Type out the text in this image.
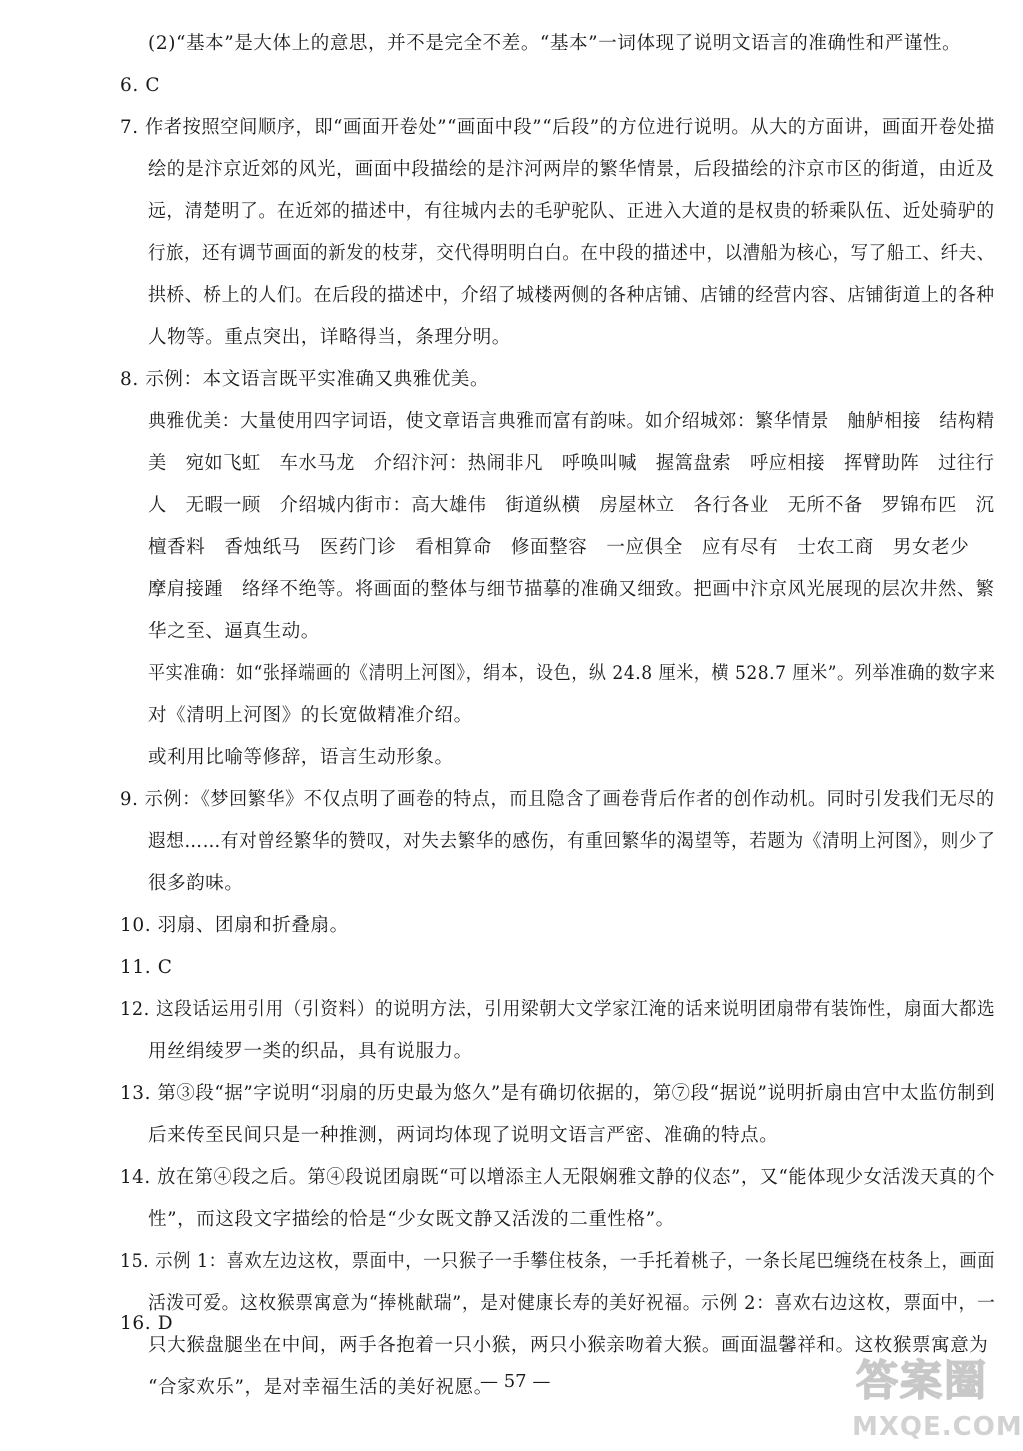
(2)“基本”是大体上的意思，并不是完全不差。“基本”一词体现了说明文语言的准确性和严谨性。
6. C
7. 作者按照空间顺序，即“画面开卷处”“画面中段”“后段”的方位进行说明。从大的方面讲，画面开卷处描
绘的是汴京近郊的风光，画面中段描绘的是汴河两岸的繁华情景，后段描绘的汴京市区的街道，由近及
远，清楚明了。在近郊的描述中，有往城内去的毛驴驼队、正进入大道的是权贵的轿乘队伍、近处骑驴的
行旅，还有调节画面的新发的枝芽，交代得明明白白。在中段的描述中，以漕船为核心，写了船工、纤夫、
拱桥、桥上的人们。在后段的描述中，介绍了城楼两侧的各种店铺、店铺的经营内容、店铺街道上的各种
人物等。重点突出，详略得当，条理分明。
8. 示例：本文语言既平实准确又典雅优美。
典雅优美：大量使用四字词语，使文章语言典雅而富有韵味。如介绍城郊：繁华情景　舳舻相接　结构精
美　宛如飞虹　车水马龙　介绍汴河：热闹非凡　呼唤叫喊　握篙盘索　呼应相接　挥臂助阵　过往行
人　无暇一顾　介绍城内街市：高大雄伟　街道纵横　房屋林立　各行各业　无所不备　罗锦布匹　沉
檀香料　香烛纸马　医药门诊　看相算命　修面整容　一应俱全　应有尽有　士农工商　男女老少
摩肩接踵　络绎不绝等。将画面的整体与细节描摹的准确又细致。把画中汴京风光展现的层次井然、繁
华之至、逼真生动。
平实准确：如“张择端画的《清明上河图》，绢本，设色，纵 24.8 厘米，横 528.7 厘米”。列举准确的数字来
对《清明上河图》的长宽做精准介绍。
或利用比喻等修辞，语言生动形象。
9. 示例：《梦回繁华》不仅点明了画卷的特点，而且隐含了画卷背后作者的创作动机。同时引发我们无尽的
遐想……有对曾经繁华的赞叹，对失去繁华的感伤，有重回繁华的渴望等，若题为《清明上河图》，则少了
很多韵味。
10. 羽扇、团扇和折叠扇。
11. C
12. 这段话运用引用（引资料）的说明方法，引用梁朝大文学家江淹的话来说明团扇带有装饰性，扇面大都选
用丝绢绫罗一类的织品，具有说服力。
13. 第③段“据”字说明“羽扇的历史最为悠久”是有确切依据的，第⑦段“据说”说明折扇由宫中太监仿制到
后来传至民间只是一种推测，两词均体现了说明文语言严密、准确的特点。
14. 放在第④段之后。第④段说团扇既“可以增添主人无限娴雅文静的仪态”，又“能体现少女活泼天真的个
性”，而这段文字描绘的恰是“少女既文静又活泼的二重性格”。
15. 示例 1：喜欢左边这枚，票面中，一只猴子一手攀住枝条，一手托着桃子，一条长尾巴缠绕在枝条上，画面
活泼可爱。这枚猴票寓意为“捧桃献瑞”，是对健康长寿的美好祝福。示例 2：喜欢右边这枚，票面中，一
只大猴盘腿坐在中间，两手各抱着一只小猴，两只小猴亲吻着大猴。画面温馨祥和。这枚猴票寓意为
“合家欢乐”，是对幸福生活的美好祝愿。
16. D
— 57 —	答案圈
MXQE.COM
